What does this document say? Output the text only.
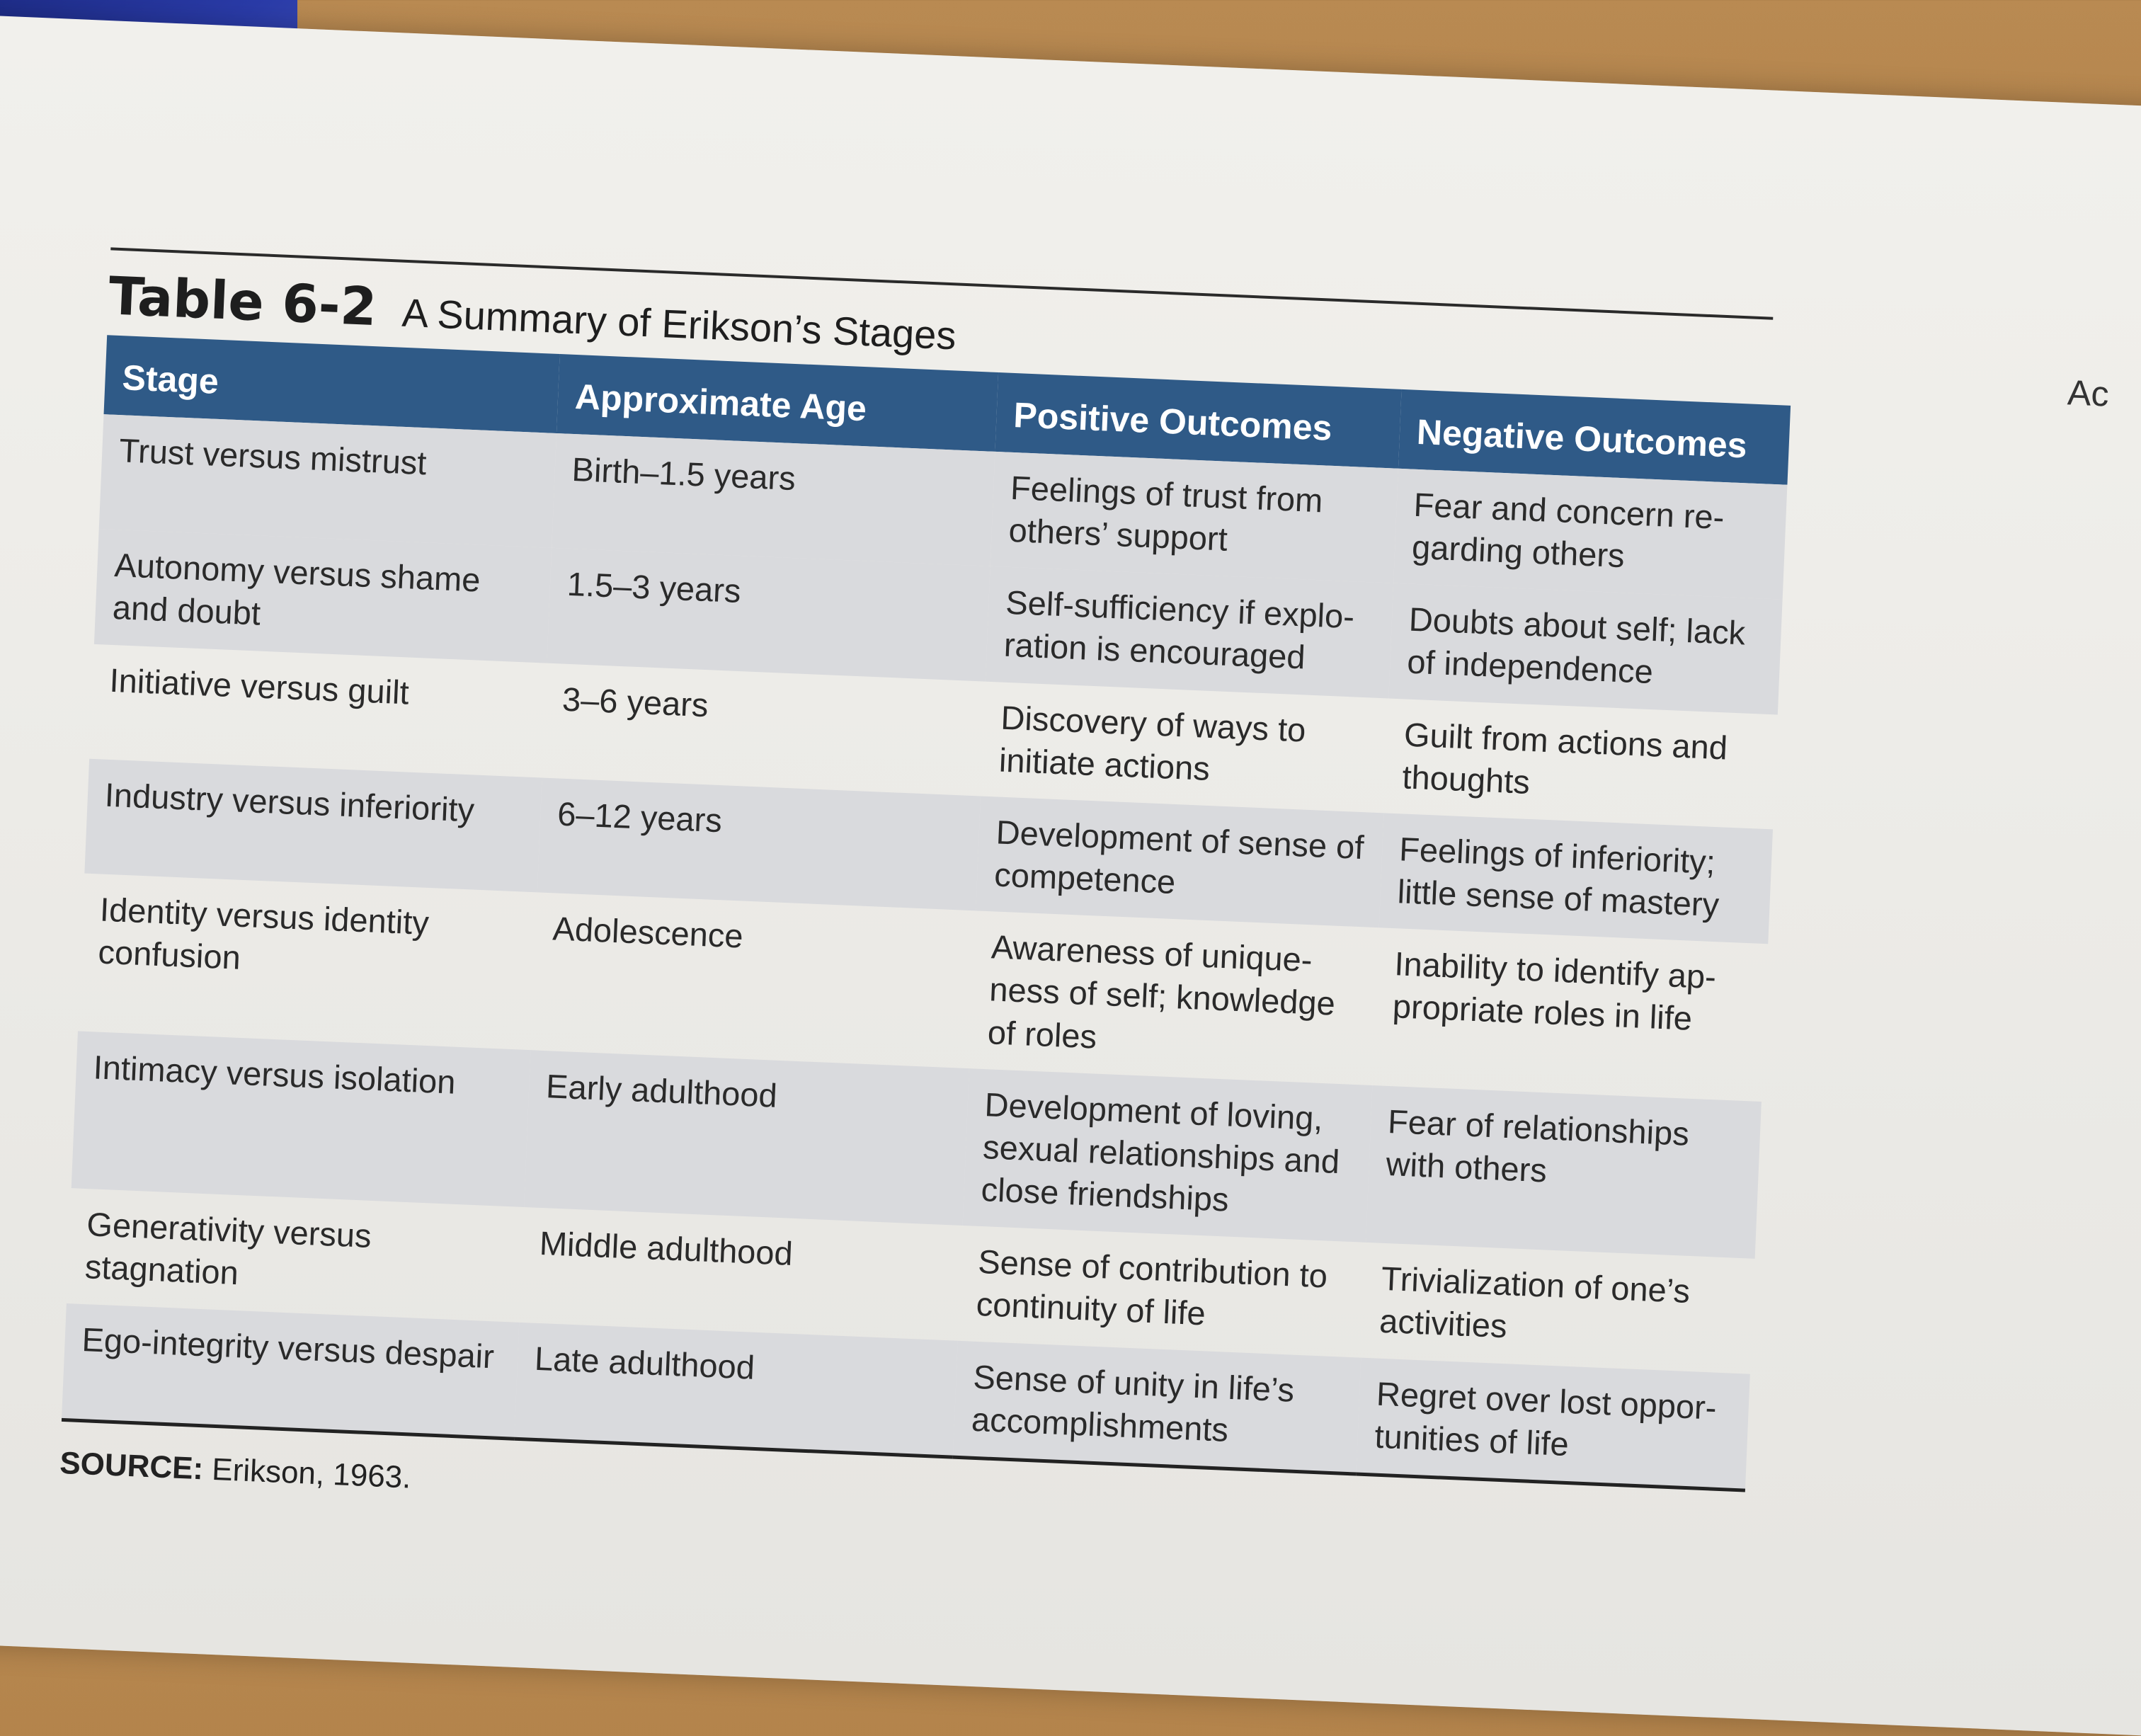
Table 6-2 A Summary of Erikson’s Stages
Stage	Approximate Age	Positive Outcomes	Negative Outcomes
Trust versus mistrust	Birth–1.5 years	Feelings of trust from others’ support	Fear and concern re-garding others
Autonomy versus shame and doubt	1.5–3 years	Self-sufficiency if explo-ration is encouraged	Doubts about self; lack of independence
Initiative versus guilt	3–6 years	Discovery of ways to initiate actions	Guilt from actions and thoughts
Industry versus inferiority	6–12 years	Development of sense of competence	Feelings of inferiority; little sense of mastery
Identity versus identity confusion	Adolescence	Awareness of unique-ness of self; knowledge of roles	Inability to identify ap-propriate roles in life
Intimacy versus isolation	Early adulthood	Development of loving, sexual relationships and close friendships	Fear of relationships with others
Generativity versus stagnation	Middle adulthood	Sense of contribution to continuity of life	Trivialization of one’s activities
Ego-integrity versus despair	Late adulthood	Sense of unity in life’s accomplishments	Regret over lost oppor-tunities of life
SOURCE: Erikson, 1963.
Ac
